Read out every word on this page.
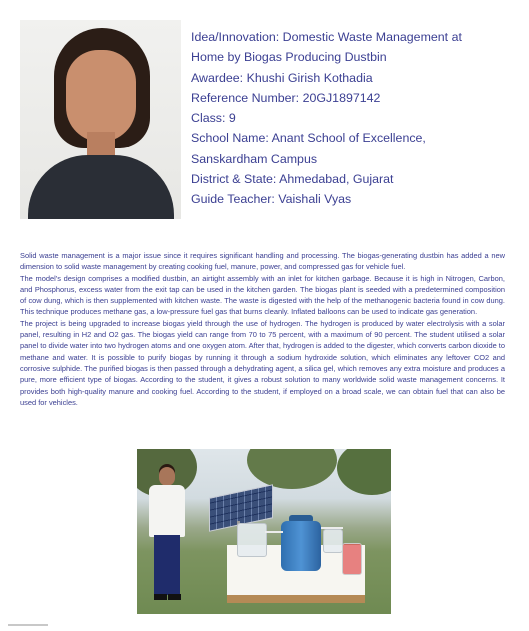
Idea/Innovation: Domestic Waste Management at
Home by Biogas Producing Dustbin
Awardee: Khushi Girish Kothadia
Reference Number: 20GJ1897142
Class: 9
School Name: Anant School of Excellence,
Sanskardham Campus
District & State: Ahmedabad, Gujarat
Guide Teacher: Vaishali Vyas

Solid waste management is a major issue since it requires significant handling and processing. The biogas-generating dustbin has added a new dimension to solid waste management by creating cooking fuel, manure, power, and compressed gas for vehicle fuel.

The model's design comprises a modified dustbin, an airtight assembly with an inlet for kitchen garbage. Because it is high in Nitrogen, Carbon, and Phosphorus, excess water from the exit tap can be used in the kitchen garden. The biogas plant is seeded with a predetermined composition of cow dung, which is then supplemented with kitchen waste. The waste is digested with the help of the methanogenic bacteria found in cow dung. This technique produces methane gas, a low-pressure fuel gas that burns cleanly. Inflated balloons can be used to indicate gas generation.

The project is being upgraded to increase biogas yield through the use of hydrogen. The hydrogen is produced by water electrolysis with a solar panel, resulting in H2 and O2 gas. The biogas yield can range from 70 to 75 percent, with a maximum of 90 percent. The student utilised a solar panel to divide water into two hydrogen atoms and one oxygen atom. After that, hydrogen is added to the digester, which converts carbon dioxide to methane and water. It is possible to purify biogas by running it through a sodium hydroxide solution, which eliminates any leftover CO2 and corrosive sulphide. The purified biogas is then passed through a dehydrating agent, a silica gel, which removes any extra moisture and produces a pure, more efficient type of biogas. According to the student, it gives a robust solution to many worldwide solid waste management concerns. It provides both high-quality manure and cooking fuel. According to the student, if employed on a broad scale, we can obtain fuel that can also be used for vehicles.
